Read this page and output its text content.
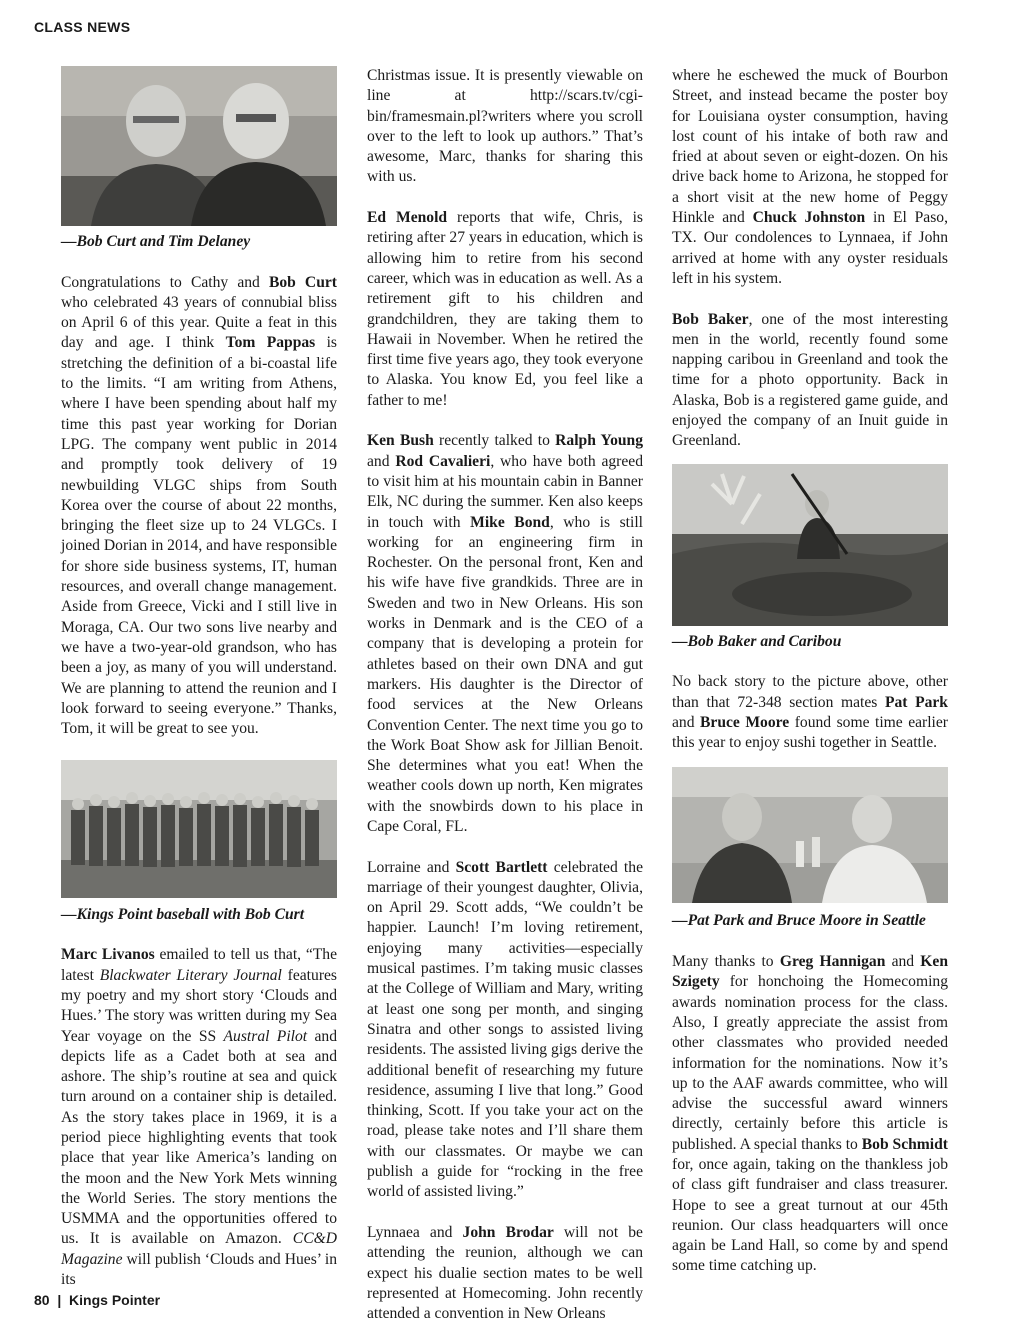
CLASS NEWS

—Bob Curt and Tim Delaney

Congratulations to Cathy and Bob Curt who celebrated 43 years of connubial bliss on April 6 of this year. Quite a feat in this day and age. I think Tom Pappas is stretching the definition of a bi-coastal life to the limits. “I am writing from Athens, where I have been spending about half my time this past year working for Dorian LPG. The company went public in 2014 and promptly took delivery of 19 newbuilding VLGC ships from South Korea over the course of about 22 months, bringing the fleet size up to 24 VLGCs. I joined Dorian in 2014, and have responsible for shore side business systems, IT, human resources, and overall change management. Aside from Greece, Vicki and I still live in Moraga, CA. Our two sons live nearby and we have a two-year-old grandson, who has been a joy, as many of you will understand. We are planning to attend the reunion and I look forward to seeing everyone.” Thanks, Tom, it will be great to see you.

—Kings Point baseball with Bob Curt

Marc Livanos emailed to tell us that, “The latest Blackwater Literary Journal features my poetry and my short story ‘Clouds and Hues.’ The story was written during my Sea Year voyage on the SS Austral Pilot and depicts life as a Cadet both at sea and ashore. The ship’s routine at sea and quick turn around on a container ship is detailed. As the story takes place in 1969, it is a period piece highlighting events that took place that year like America’s landing on the moon and the New York Mets winning the World Series. The story mentions the USMMA and the opportunities offered to us. It is available on Amazon. CC&D Magazine will publish ‘Clouds and Hues’ in its

Christmas issue. It is presently viewable on line at http://scars.tv/cgi-bin/framesmain.pl?writers where you scroll over to the left to look up authors.” That’s awesome, Marc, thanks for sharing this with us.

Ed Menold reports that wife, Chris, is retiring after 27 years in education, which is allowing him to retire from his second career, which was in education as well. As a retirement gift to his children and grandchildren, they are taking them to Hawaii in November. When he retired the first time five years ago, they took everyone to Alaska. You know Ed, you feel like a father to me!

Ken Bush recently talked to Ralph Young and Rod Cavalieri, who have both agreed to visit him at his mountain cabin in Banner Elk, NC during the summer. Ken also keeps in touch with Mike Bond, who is still working for an engineering firm in Rochester. On the personal front, Ken and his wife have five grandkids. Three are in Sweden and two in New Orleans. His son works in Denmark and is the CEO of a company that is developing a protein for athletes based on their own DNA and gut markers. His daughter is the Director of food services at the New Orleans Convention Center. The next time you go to the Work Boat Show ask for Jillian Benoit. She determines what you eat! When the weather cools down up north, Ken migrates with the snowbirds down to his place in Cape Coral, FL.

Lorraine and Scott Bartlett celebrated the marriage of their youngest daughter, Olivia, on April 29. Scott adds, “We couldn’t be happier. Launch! I’m loving retirement, enjoying many activities—especially musical pastimes. I’m taking music classes at the College of William and Mary, writing at least one song per month, and singing Sinatra and other songs to assisted living residents. The assisted living gigs derive the additional benefit of researching my future residence, assuming I live that long.” Good thinking, Scott. If you take your act on the road, please take notes and I’ll share them with our classmates. Or maybe we can publish a guide for “rocking in the free world of assisted living.”

Lynnaea and John Brodar will not be attending the reunion, although we can expect his dualie section mates to be well represented at Homecoming. John recently attended a convention in New Orleans

where he eschewed the muck of Bourbon Street, and instead became the poster boy for Louisiana oyster consumption, having lost count of his intake of both raw and fried at about seven or eight-dozen. On his drive back home to Arizona, he stopped for a short visit at the new home of Peggy Hinkle and Chuck Johnston in El Paso, TX. Our condolences to Lynnaea, if John arrived at home with any oyster residuals left in his system.

Bob Baker, one of the most interesting men in the world, recently found some napping caribou in Greenland and took the time for a photo opportunity. Back in Alaska, Bob is a registered game guide, and enjoyed the company of an Inuit guide in Greenland.

—Bob Baker and Caribou

No back story to the picture above, other than that 72-348 section mates Pat Park and Bruce Moore found some time earlier this year to enjoy sushi together in Seattle.

—Pat Park and Bruce Moore in Seattle

Many thanks to Greg Hannigan and Ken Szigety for honchoing the Homecoming awards nomination process for the class. Also, I greatly appreciate the assist from other classmates who provided needed information for the nominations. Now it’s up to the AAF awards committee, who will advise the successful award winners directly, certainly before this article is published. A special thanks to Bob Schmidt for, once again, taking on the thankless job of class gift fundraiser and class treasurer. Hope to see a great turnout at our 45th reunion. Our class headquarters will once again be Land Hall, so come by and spend some time catching up.

80  |  Kings Pointer
